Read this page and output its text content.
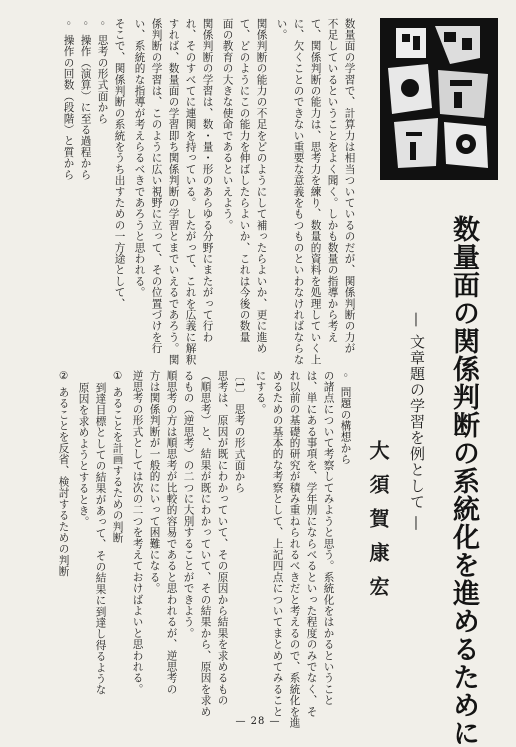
数量面の関係判断の系統化を進めるために
— 文章題の学習を例として —
大須賀康宏
数量面の学習で、計算力は相当ついているのだが、関係判断の力が
不足しているということをよく聞く。しかも数量の指導から考え
て、関係判断の能力は、思考力を練り、数量的資料を処理していく上
に、欠くことのできない重要な意義をもつものといわなければならな
い。
関係判断の能力の不足をどのようにして補ったらよいか、更に進め
て、どのようにこの能力を伸ばしたらよいか、これは今後の数量
面の教育の大きな使命であるといえよう。
関係判断の学習は、数・量・形のあらゆる分野にまたがって行わ
れ、そのすべてに連関を持っている。したがって、これを広義に解釈
すれば、数量面の学習即ち関係判断の学習とまでいえるであろう。関
係判断の学習は、このように広い視野に立って、その位置づけを行
い、系統的な指導が考えらるべきであろうと思われる。
そこで、関係判断の系統をうち出すための一方途として、
◦ 思考の形式面から
◦ 操作（演算）に至る過程から
◦ 操作の回数（段階）と質から
◦ 問題の構想から
の諸点について考察してみようと思う。系統化をはかるということ
は、単にある事項を、学年別にならべるといった程度のみでなく、そ
れ以前の基礎的研究が積み重ねられるべきだと考えるので、系統化を進
めるための基本的な考察として、上記四点についてまとめてみること
にする。
〔1〕 思考の形式面から
思考は、原因が既にわかっていて、その原因から結果を求めるもの
（順思考）と、結果が既にわかっていて、その結果から、原因を求め
るもの（逆思考）の二つに大別することができよう。
順思考の方は順思考が比較的容易であると思われるが、逆思考の
方は関係判断が一般的にいって困難になる。
逆思考の形式としては次の二つを考えておけばよいと思われる。
① あることを計画するための判断
到達目標としての結果があって、その結果に到達し得るような
原因を求めようとするとき。
② あることを反省、検討するための判断
— 28 —
